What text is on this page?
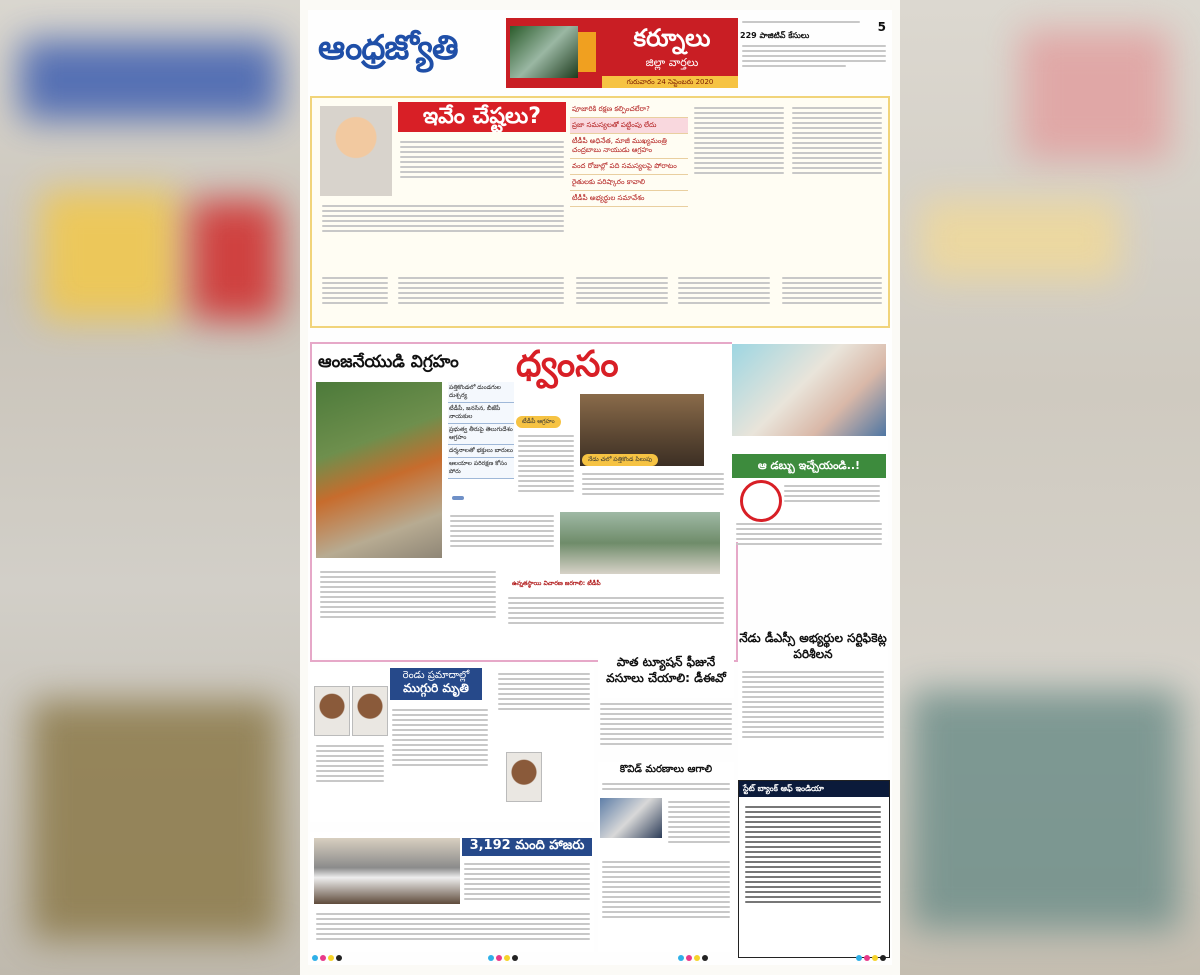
ఆంధ్రజ్యోతి	కర్నూలు
జిల్లా వార్తలు
గురువారం 24 సెప్టెంబరు 2020
5
229 పాజిటివ్ కేసులు
ఇవేం చేష్టలు?	పూజారికి రక్షణ కల్పించలేరా?
ప్రజా సమస్యలతో పట్టింపు లేదు
టీడీపీ అధినేత, మాజీ ముఖ్యమంత్రి చంద్రబాబు నాయుడు ఆగ్రహం
వంద రోజుల్లో పది సమస్యలపై పోరాటం
రైతులకు పరిష్కారం కావాలి
టీడీపీ అభ్యర్థుల సమావేశం
ఆంజనేయుడి విగ్రహం ధ్వంసం
పత్తికొండలో దుండగుల దుశ్చర్య
టీడీపీ, జనసేన, బీజేపీ నాయకుల
ప్రభుత్వ తీరుపై తెలుగుదేశం ఆగ్రహం
దర్శనాలతో భక్తులు బారులు
ఆలయాల పరిరక్షణ కోసం పోరు
టీడీపీ ఆగ్రహం
నేడు చలో పత్తికొండ పిలుపు
ఉన్నతస్థాయి విచారణ జరగాలి: టీడీపీ
ఆ డబ్బు ఇచ్చేయండి..!
రెండు ప్రమాదాల్లో
ముగ్గురి మృతి
పాత ట్యూషన్ ఫీజునే వసూలు చేయాలి: డీఈవో
నేడు డీఎస్సీ అభ్యర్థుల సర్టిఫికెట్ల పరిశీలన
కొవిడ్ మరణాలు ఆగాలి
స్టేట్ బ్యాంక్ ఆఫ్ ఇండియా
3,192 మంది హాజరు
